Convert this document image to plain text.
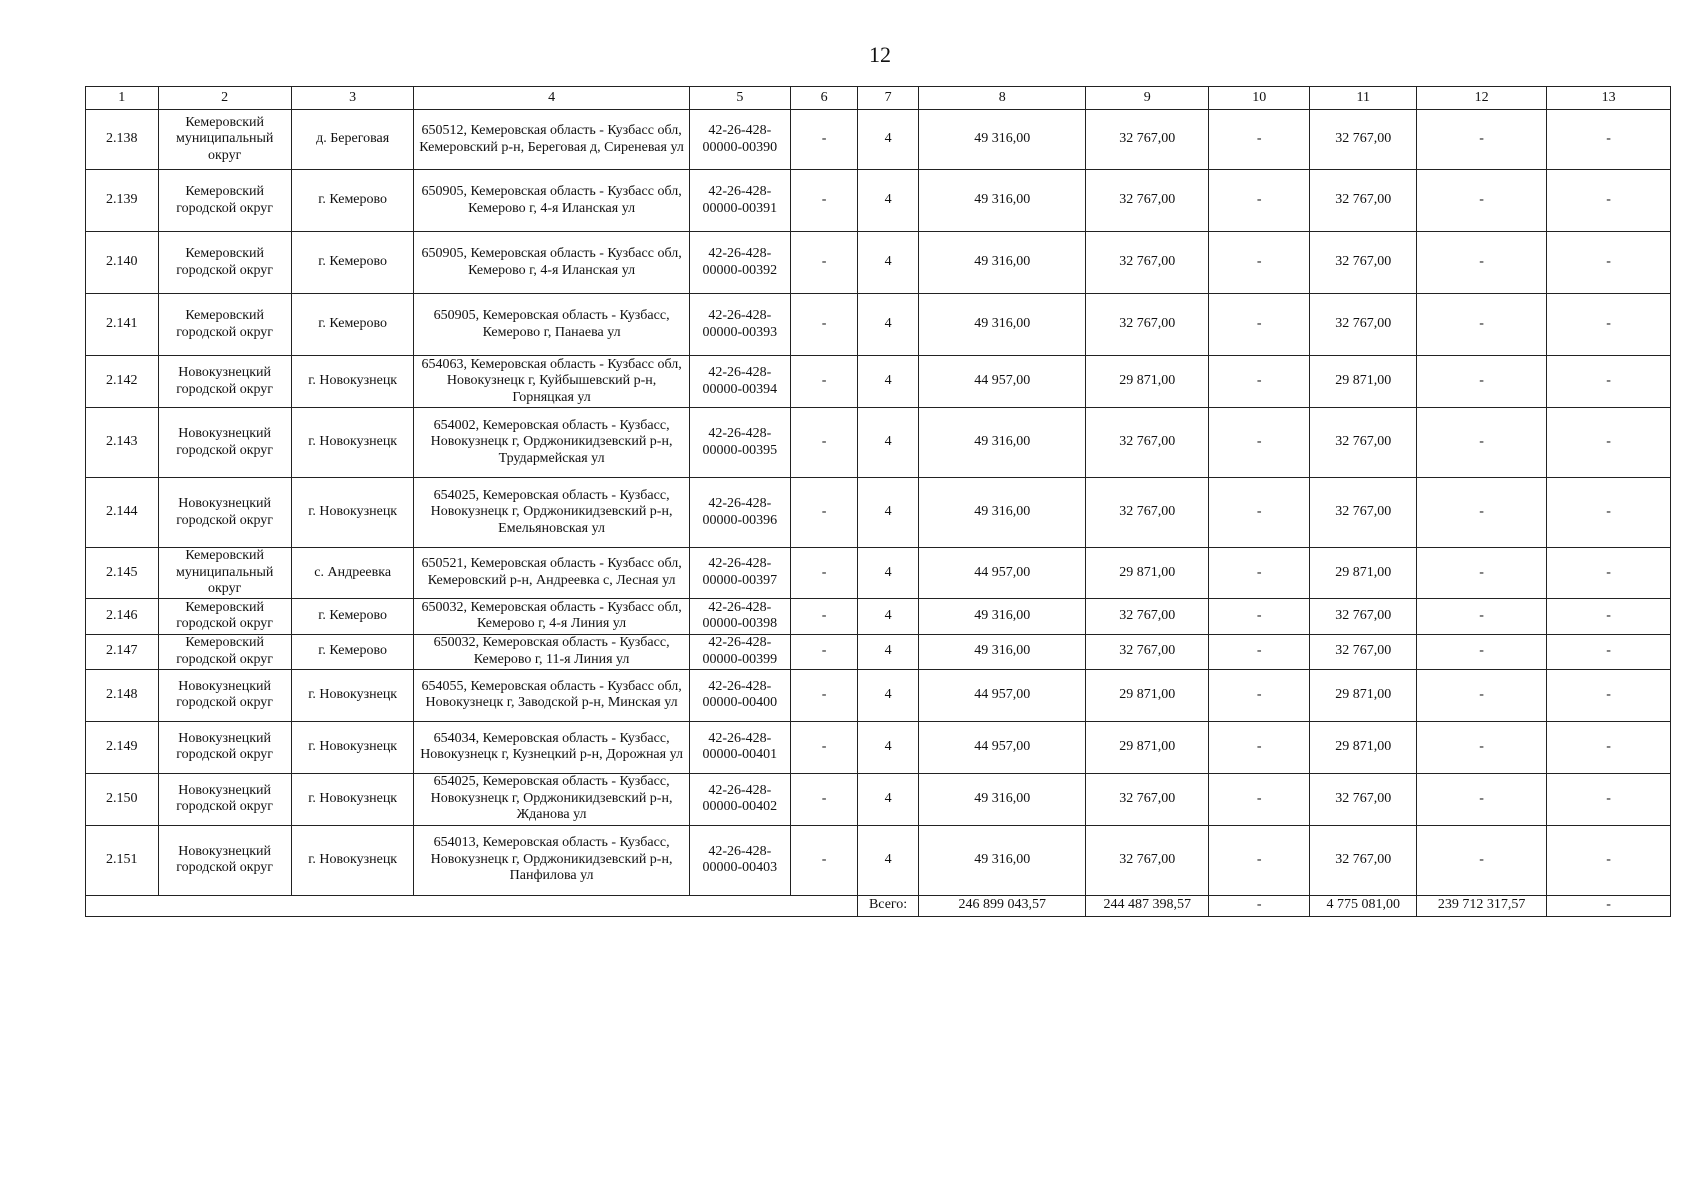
12
1	2	3	4	5	6	7	8	9	10	11	12	13
2.138	Кемеровский муниципальный округ	д. Береговая	650512, Кемеровская область - Кузбасс обл, Кемеровский р-н, Береговая д, Сиреневая ул	42-26-428-00000-00390	-	4	49 316,00	32 767,00	-	32 767,00	-	-
2.139	Кемеровский городской округ	г. Кемерово	650905, Кемеровская область - Кузбасс обл, Кемерово г, 4-я Иланская ул	42-26-428-00000-00391	-	4	49 316,00	32 767,00	-	32 767,00	-	-
2.140	Кемеровский городской округ	г. Кемерово	650905, Кемеровская область - Кузбасс обл, Кемерово г, 4-я Иланская ул	42-26-428-00000-00392	-	4	49 316,00	32 767,00	-	32 767,00	-	-
2.141	Кемеровский городской округ	г. Кемерово	650905, Кемеровская область - Кузбасс, Кемерово г, Панаева ул	42-26-428-00000-00393	-	4	49 316,00	32 767,00	-	32 767,00	-	-
2.142	Новокузнецкий городской округ	г. Новокузнецк	654063, Кемеровская область - Кузбасс обл, Новокузнецк г, Куйбышевский р-н, Горняцкая ул	42-26-428-00000-00394	-	4	44 957,00	29 871,00	-	29 871,00	-	-
2.143	Новокузнецкий городской округ	г. Новокузнецк	654002, Кемеровская область - Кузбасс, Новокузнецк г, Орджоникидзевский р-н, Трудармейская ул	42-26-428-00000-00395	-	4	49 316,00	32 767,00	-	32 767,00	-	-
2.144	Новокузнецкий городской округ	г. Новокузнецк	654025, Кемеровская область - Кузбасс, Новокузнецк г, Орджоникидзевский р-н, Емельяновская ул	42-26-428-00000-00396	-	4	49 316,00	32 767,00	-	32 767,00	-	-
2.145	Кемеровский муниципальный округ	с. Андреевка	650521, Кемеровская область - Кузбасс обл, Кемеровский р-н, Андреевка с, Лесная ул	42-26-428-00000-00397	-	4	44 957,00	29 871,00	-	29 871,00	-	-
2.146	Кемеровский городской округ	г. Кемерово	650032, Кемеровская область - Кузбасс обл, Кемерово г, 4-я Линия ул	42-26-428-00000-00398	-	4	49 316,00	32 767,00	-	32 767,00	-	-
2.147	Кемеровский городской округ	г. Кемерово	650032, Кемеровская область - Кузбасс, Кемерово г, 11-я Линия ул	42-26-428-00000-00399	-	4	49 316,00	32 767,00	-	32 767,00	-	-
2.148	Новокузнецкий городской округ	г. Новокузнецк	654055, Кемеровская область - Кузбасс обл, Новокузнецк г, Заводской р-н, Минская ул	42-26-428-00000-00400	-	4	44 957,00	29 871,00	-	29 871,00	-	-
2.149	Новокузнецкий городской округ	г. Новокузнецк	654034, Кемеровская область - Кузбасс, Новокузнецк г, Кузнецкий р-н, Дорожная ул	42-26-428-00000-00401	-	4	44 957,00	29 871,00	-	29 871,00	-	-
2.150	Новокузнецкий городской округ	г. Новокузнецк	654025, Кемеровская область - Кузбасс, Новокузнецк г, Орджоникидзевский р-н, Жданова ул	42-26-428-00000-00402	-	4	49 316,00	32 767,00	-	32 767,00	-	-
2.151	Новокузнецкий городской округ	г. Новокузнецк	654013, Кемеровская область - Кузбасс, Новокузнецк г, Орджоникидзевский р-н, Панфилова ул	42-26-428-00000-00403	-	4	49 316,00	32 767,00	-	32 767,00	-	-
						Всего:	246 899 043,57	244 487 398,57	-	4 775 081,00	239 712 317,57	-
